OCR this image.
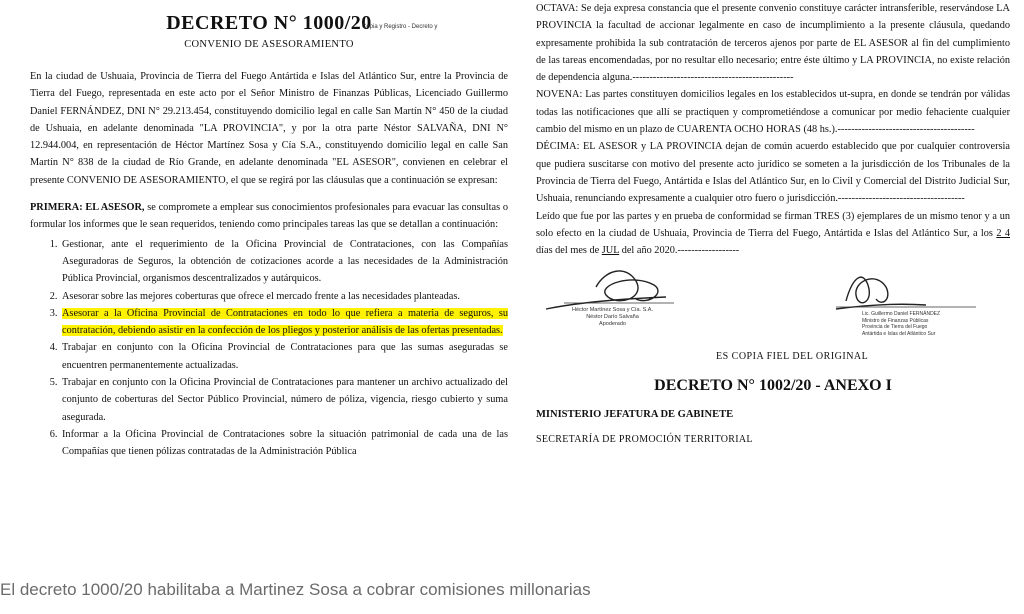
DECRETO N° 1000/20
Copia y Registro - Decreto y
CONVENIO DE ASESORAMIENTO

En la ciudad de Ushuaia, Provincia de Tierra del Fuego Antártida e Islas del Atlántico Sur, entre la Provincia de Tierra del Fuego, representada en este acto por el Señor Ministro de Finanzas Públicas, Licenciado Guillermo Daniel FERNÁNDEZ, DNI N° 29.213.454, constituyendo domicilio legal en calle San Martín N° 450 de la ciudad de Ushuaia, en adelante denominada "LA PROVINCIA", y por la otra parte Néstor SALVAÑA, DNI N° 12.944.004, en representación de Héctor Martínez Sosa y Cía S.A., constituyendo domicilio legal en calle San Martín N° 838 de la ciudad de Río Grande, en adelante denominada "EL ASESOR", convienen en celebrar el presente CONVENIO DE ASESORAMIENTO, el que se regirá por las cláusulas que a continuación se expresan:

PRIMERA: EL ASESOR, se compromete a emplear sus conocimientos profesionales para evacuar las consultas o formular los informes que le sean requeridos, teniendo como principales tareas las que se detallan a continuación:

1. Gestionar, ante el requerimiento de la Oficina Provincial de Contrataciones, con las Compañías Aseguradoras de Seguros, la obtención de cotizaciones acorde a las necesidades de la Administración Pública Provincial, organismos descentralizados y autárquicos.
2. Asesorar sobre las mejores coberturas que ofrece el mercado frente a las necesidades planteadas.
3. Asesorar a la Oficina Provincial de Contrataciones en todo lo que refiera a materia de seguros, su contratación, debiendo asistir en la confección de los pliegos y posterior análisis de las ofertas presentadas.
4. Trabajar en conjunto con la Oficina Provincial de Contrataciones para que las sumas aseguradas se encuentren permanentemente actualizadas.
5. Trabajar en conjunto con la Oficina Provincial de Contrataciones para mantener un archivo actualizado del conjunto de coberturas del Sector Público Provincial, número de póliza, vigencia, riesgo cubierto y suma asegurada.
6. Informar a la Oficina Provincial de Contrataciones sobre la situación patrimonial de cada una de las Compañías que tienen pólizas contratadas de la Administración Pública

OCTAVA: Se deja expresa constancia que el presente convenio constituye carácter intransferible, reservándose LA PROVINCIA la facultad de accionar legalmente en caso de incumplimiento a la presente cláusula, quedando expresamente prohibida la sub contratación de terceros ajenos por parte de EL ASESOR al fin del cumplimiento de las tareas encomendadas, por no resultar ello necesario; entre éste último y LA PROVINCIA, no existe relación de dependencia alguna.-----------------------------------------------

NOVENA: Las partes constituyen domicilios legales en los establecidos ut-supra, en donde se tendrán por válidas todas las notificaciones que allí se practiquen y comprometiéndose a comunicar por medio fehaciente cualquier cambio del mismo en un plazo de CUARENTA OCHO HORAS (48 hs.).----------------------------------------

DÉCIMA: EL ASESOR y LA PROVINCIA dejan de común acuerdo establecido que por cualquier controversia que pudiera suscitarse con motivo del presente acto jurídico se someten a la jurisdicción de los Tribunales de la Provincia de Tierra del Fuego, Antártida e Islas del Atlántico Sur, en lo Civil y Comercial del Distrito Judicial Sur, Ushuaia, renunciando expresamente a cualquier otro fuero o jurisdicción.-------------------------------------

Leído que fue por las partes y en prueba de conformidad se firman TRES (3) ejemplares de un mismo tenor y a un solo efecto en la ciudad de Ushuaia, Provincia de Tierra del Fuego, Antártida e Islas del Atlántico Sur, a los 2 4 días del mes de JUL del año 2020.------------------

Héctor Martínez Sosa y Cía. S.A.
Néstor Darío Salvaña
Apoderado
Lic. Guillermo Daniel FERNÁNDEZ
Ministro de Finanzas Públicas
Provincia de Tierra del Fuego
Antártida e Islas del Atlántico Sur
ES COPIA FIEL DEL ORIGINAL
DECRETO N° 1002/20 - ANEXO I
MINISTERIO JEFATURA DE GABINETE
SECRETARÍA DE PROMOCIÓN TERRITORIAL
El decreto 1000/20 habilitaba a Martinez Sosa a cobrar comisiones millonarias
